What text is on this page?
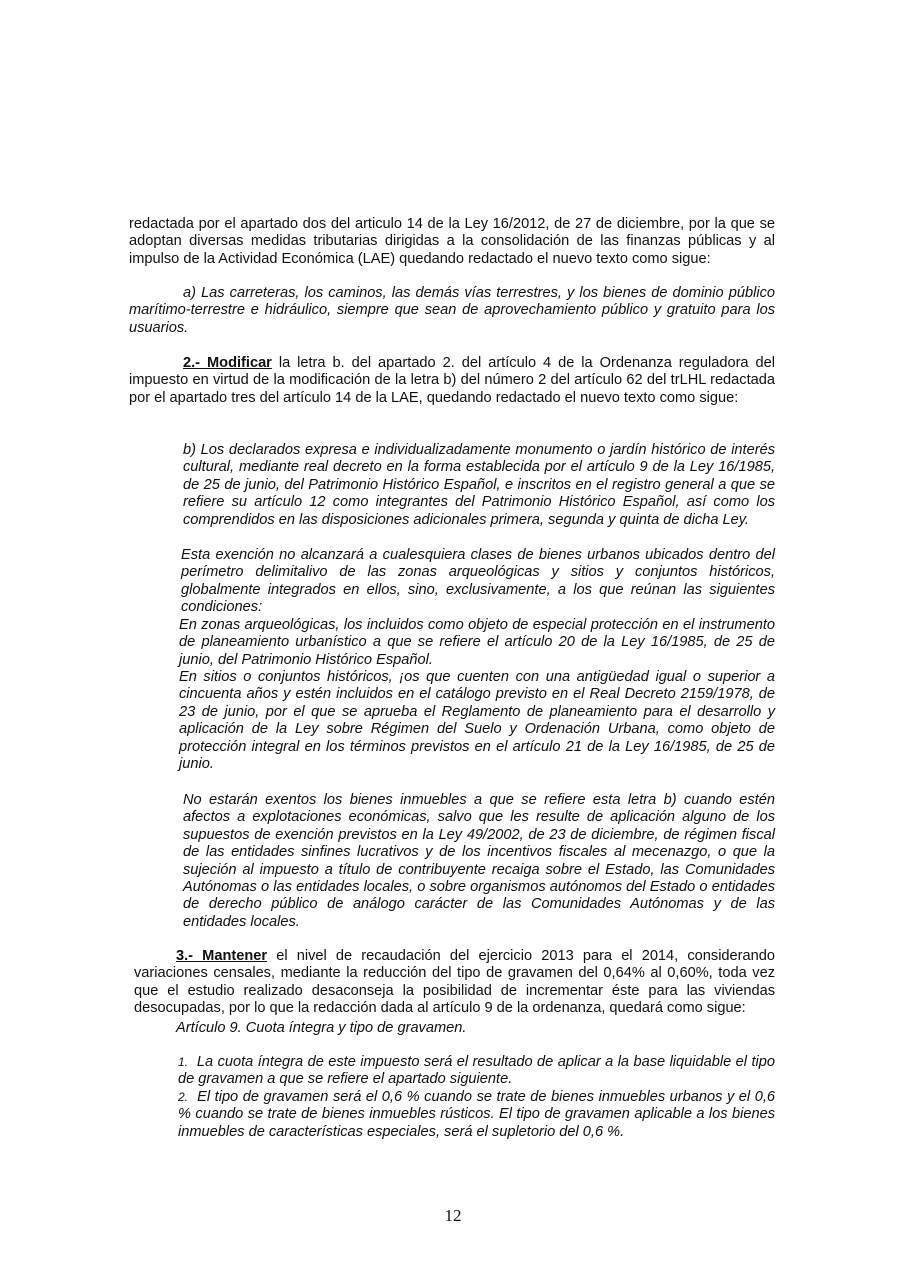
redactada por el apartado dos del articulo 14 de la Ley 16/2012, de 27 de diciembre, por la que se adoptan diversas medidas tributarias dirigidas a la consolidación de las finanzas públicas y al impulso de la Actividad Económica (LAE) quedando redactado el nuevo texto como sigue:

a) Las carreteras, los caminos, las demás vías terrestres, y los bienes de dominio público marítimo-terrestre e hidráulico, siempre que sean de aprovechamiento público y gratuito para los usuarios.

2.- Modificar la letra b. del apartado 2. del artículo 4 de la Ordenanza reguladora del impuesto en virtud de la modificación de la letra b) del número 2 del artículo 62 del trLHL redactada por el apartado tres del artículo 14 de la LAE, quedando redactado el nuevo texto como sigue:

b) Los declarados expresa e individualizadamente monumento o jardín histórico de interés cultural, mediante real decreto en la forma establecida por el artículo 9 de la Ley 16/1985, de 25 de junio, del Patrimonio Histórico Español, e inscritos en el registro general a que se refiere su artículo 12 como integrantes del Patrimonio Histórico Español, así como los comprendidos en las disposiciones adicionales primera, segunda y quinta de dicha Ley.

Esta exención no alcanzará a cualesquiera clases de bienes urbanos ubicados dentro del perímetro delimitalivo de las zonas arqueológicas y sitios y conjuntos históricos, globalmente integrados en ellos, sino, exclusivamente, a los que reúnan las siguientes condiciones:

En zonas arqueológicas, los incluidos como objeto de especial protección en el instrumento de planeamiento urbanístico a que se refiere el artículo 20 de la Ley 16/1985, de 25 de junio, del Patrimonio Histórico Español.

En sitios o conjuntos históricos, ¡os que cuenten con una antigüedad igual o superior a cincuenta años y estén incluidos en el catálogo previsto en el Real Decreto 2159/1978, de 23 de junio, por el que se aprueba el Reglamento de planeamiento para el desarrollo y aplicación de la Ley sobre Régimen del Suelo y Ordenación Urbana, como objeto de protección integral en los términos previstos en el artículo 21 de la Ley 16/1985, de 25 de junio.

No estarán exentos los bienes inmuebles a que se refiere esta letra b) cuando estén afectos a explotaciones económicas, salvo que les resulte de aplicación alguno de los supuestos de exención previstos en la Ley 49/2002, de 23 de diciembre, de régimen fiscal de las entidades sinfines lucrativos y de los incentivos fiscales al mecenazgo, o que la sujeción al impuesto a título de contribuyente recaiga sobre el Estado, las Comunidades Autónomas o las entidades locales, o sobre organismos autónomos del Estado o entidades de derecho público de análogo carácter de las Comunidades Autónomas y de las entidades locales.

3.- Mantener el nivel de recaudación del ejercicio 2013 para el 2014, considerando variaciones censales, mediante la reducción del tipo de gravamen del 0,64% al 0,60%, toda vez que el estudio realizado desaconseja la posibilidad de incrementar éste para las viviendas desocupadas, por lo que la redacción dada al artículo 9 de la ordenanza, quedará como sigue:

Artículo 9. Cuota íntegra y tipo de gravamen.

1. La cuota íntegra de este impuesto será el resultado de aplicar a la base liquidable el tipo de gravamen a que se refiere el apartado siguiente.

2. El tipo de gravamen será el 0,6 % cuando se trate de bienes inmuebles urbanos y el 0,6 % cuando se trate de bienes inmuebles rústicos. El tipo de gravamen aplicable a los bienes inmuebles de características especiales, será el supletorio del 0,6 %.

12
